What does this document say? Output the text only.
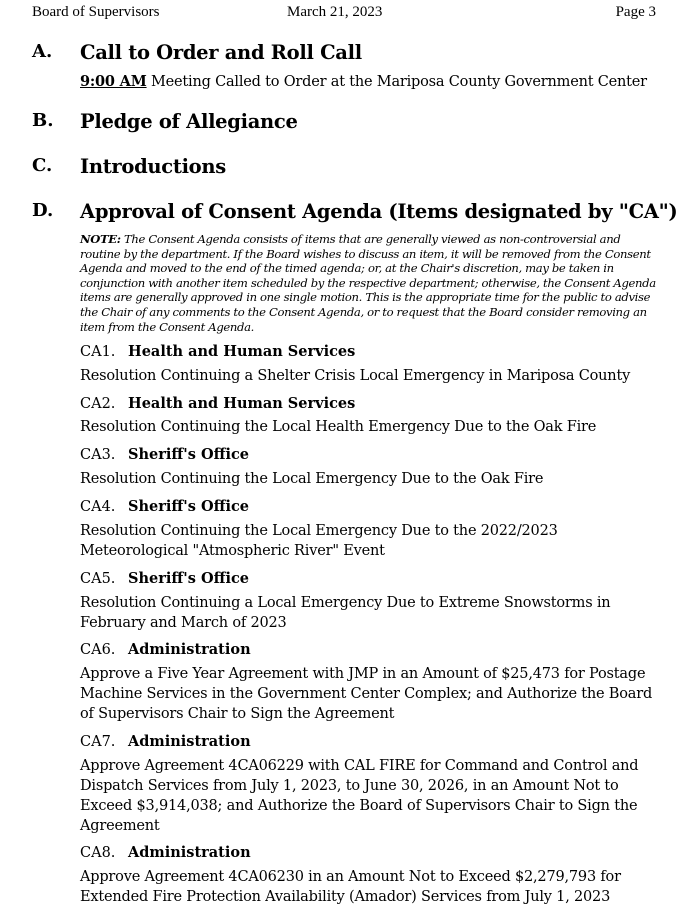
Board of Supervisors	March 21, 2023	Page 3
A. Call to Order and Roll Call
9:00 AM Meeting Called to Order at the Mariposa County Government Center
B. Pledge of Allegiance
C. Introductions
D. Approval of Consent Agenda (Items designated by "CA")
NOTE: The Consent Agenda consists of items that are generally viewed as non-controversial and routine by the department. If the Board wishes to discuss an item, it will be removed from the Consent Agenda and moved to the end of the timed agenda; or, at the Chair's discretion, may be taken in conjunction with another item scheduled by the respective department; otherwise, the Consent Agenda items are generally approved in one single motion. This is the appropriate time for the public to advise the Chair of any comments to the Consent Agenda, or to request that the Board consider removing an item from the Consent Agenda.
CA1. Health and Human Services
Resolution Continuing a Shelter Crisis Local Emergency in Mariposa County
CA2. Health and Human Services
Resolution Continuing the Local Health Emergency Due to the Oak Fire
CA3. Sheriff's Office
Resolution Continuing the Local Emergency Due to the Oak Fire
CA4. Sheriff's Office
Resolution Continuing the Local Emergency Due to the 2022/2023 Meteorological "Atmospheric River" Event
CA5. Sheriff's Office
Resolution Continuing a Local Emergency Due to Extreme Snowstorms in February and March of 2023
CA6. Administration
Approve a Five Year Agreement with JMP in an Amount of $25,473 for Postage Machine Services in the Government Center Complex; and Authorize the Board of Supervisors Chair to Sign the Agreement
CA7. Administration
Approve Agreement 4CA06229 with CAL FIRE for Command and Control and Dispatch Services from July 1, 2023, to June 30, 2026, in an Amount Not to Exceed $3,914,038; and Authorize the Board of Supervisors Chair to Sign the Agreement
CA8. Administration
Approve Agreement 4CA06230 in an Amount Not to Exceed $2,279,793 for Extended Fire Protection Availability (Amador) Services from July 1, 2023
